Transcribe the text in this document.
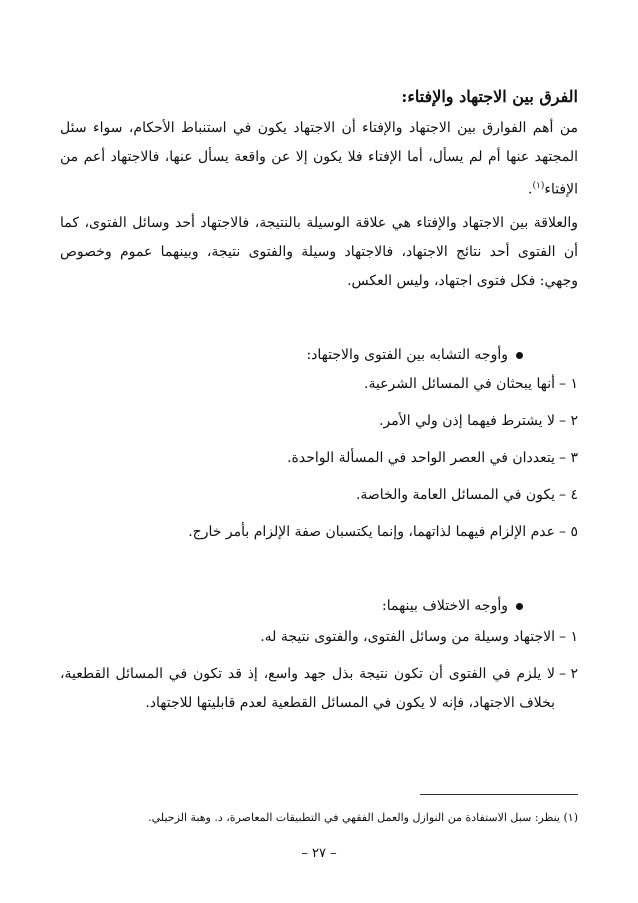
الفرق بين الاجتهاد والإفتاء:
من أهم الفوارق بين الاجتهاد والإفتاء أن الاجتهاد يكون في استنباط الأحكام، سواء سئل المجتهد عنها أم لم يسأل، أما الإفتاء فلا يكون إلا عن واقعة يسأل عنها، فالاجتهاد أعم من الإفتاء$^{(١)}$.
والعلاقة بين الاجتهاد والإفتاء هي علاقة الوسيلة بالنتيجة، فالاجتهاد أحد وسائل الفتوى، كما أن الفتوى أحد نتائج الاجتهاد، فالاجتهاد وسيلة والفتوى نتيجة، وبينهما عموم وخصوص وجهي: فكل فتوى اجتهاد، وليس العكس.
وأوجه التشابه بين الفتوى والاجتهاد:
١ –
أنها يبحثان في المسائل الشرعية.
٢ –
لا يشترط فيهما إذن ولي الأمر.
٣ –
يتعددان في العصر الواحد في المسألة الواحدة.
٤ –
يكون في المسائل العامة والخاصة.
٥ –
عدم الإلزام فيهما لذاتهما، وإنما يكتسبان صفة الإلزام بأمر خارج.
وأوجه الاختلاف بينهما:
١ –
الاجتهاد وسيلة من وسائل الفتوى، والفتوى نتيجة له.
٢ –
لا يلزم في الفتوى أن تكون نتيجة بذل جهد واسع، إذ قد تكون في المسائل القطعية، بخلاف الاجتهاد، فإنه لا يكون في المسائل القطعية لعدم قابليتها للاجتهاد.
(١) ينظر: سبل الاستفادة من النوازل والعمل الفقهي في التطبيقات المعاصرة، د. وهبة الزحيلي.
– ٢٧ –
